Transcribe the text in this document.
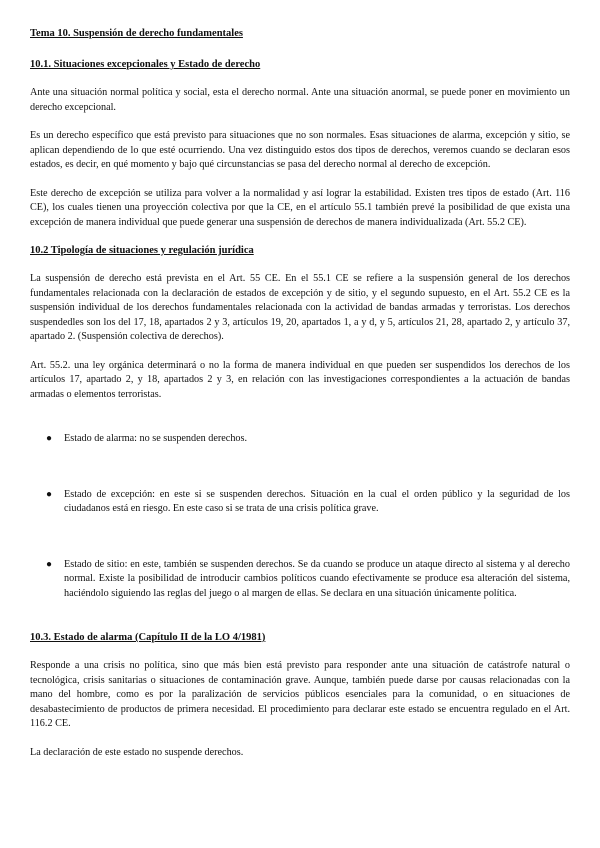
Tema 10. Suspensión de derecho fundamentales
10.1. Situaciones excepcionales y Estado de derecho

Ante una situación normal política y social, esta el derecho normal. Ante una situación anormal, se puede poner en movimiento un derecho excepcional.

Es un derecho específico que está previsto para situaciones que no son normales. Esas situaciones de alarma, excepción y sitio, se aplican dependiendo de lo que esté ocurriendo. Una vez distinguido estos dos tipos de derechos, veremos cuando se declaran esos estados, es decir, en qué momento y bajo qué circunstancias se pasa del derecho normal al derecho de excepción.

Este derecho de excepción se utiliza para volver a la normalidad y así lograr la estabilidad. Existen tres tipos de estado (Art. 116 CE), los cuales tienen una proyección colectiva por que la CE, en el artículo 55.1 también prevé la posibilidad de que exista una excepción de manera individual que puede generar una suspensión de derechos de manera individualizada (Art. 55.2 CE).

10.2 Tipología de situaciones y regulación jurídica

La suspensión de derecho está prevista en el Art. 55 CE. En el 55.1 CE se refiere a la suspensión general de los derechos fundamentales relacionada con la declaración de estados de excepción y de sitio, y el segundo supuesto, en el Art. 55.2 CE es la suspensión individual de los derechos fundamentales relacionada con la actividad de bandas armadas y terroristas. Los derechos suspendedles son los del 17, 18, apartados 2 y 3, artículos 19, 20, apartados 1, a y d, y 5, artículos 21, 28, apartado 2, y artículo 37, apartado 2. (Suspensión colectiva de derechos).

Art. 55.2. una ley orgánica determinará o no la forma de manera individual en que pueden ser suspendidos los derechos de los artículos 17, apartado 2, y 18, apartados 2 y 3, en relación con las investigaciones correspondientes a la actuación de bandas armadas o elementos terroristas.

● Estado de alarma: no se suspenden derechos.
● Estado de excepción: en este si se suspenden derechos. Situación en la cual el orden público y la seguridad de los ciudadanos está en riesgo. En este caso si se trata de una crisis política grave.
● Estado de sitio: en este, también se suspenden derechos. Se da cuando se produce un ataque directo al sistema y al derecho normal. Existe la posibilidad de introducir cambios políticos cuando efectivamente se produce esa alteración del sistema, haciéndolo siguiendo las reglas del juego o al margen de ellas. Se declara en una situación únicamente política.
10.3. Estado de alarma (Capítulo II de la LO 4/1981)

Responde a una crisis no política, sino que más bien está previsto para responder ante una situación de catástrofe natural o tecnológica, crisis sanitarias o situaciones de contaminación grave. Aunque, también puede darse por causas relacionadas con la mano del hombre, como es por la paralización de servicios públicos esenciales para la comunidad, o en situaciones de desabastecimiento de productos de primera necesidad. El procedimiento para declarar este estado se encuentra regulado en el Art. 116.2 CE.

La declaración de este estado no suspende derechos.
